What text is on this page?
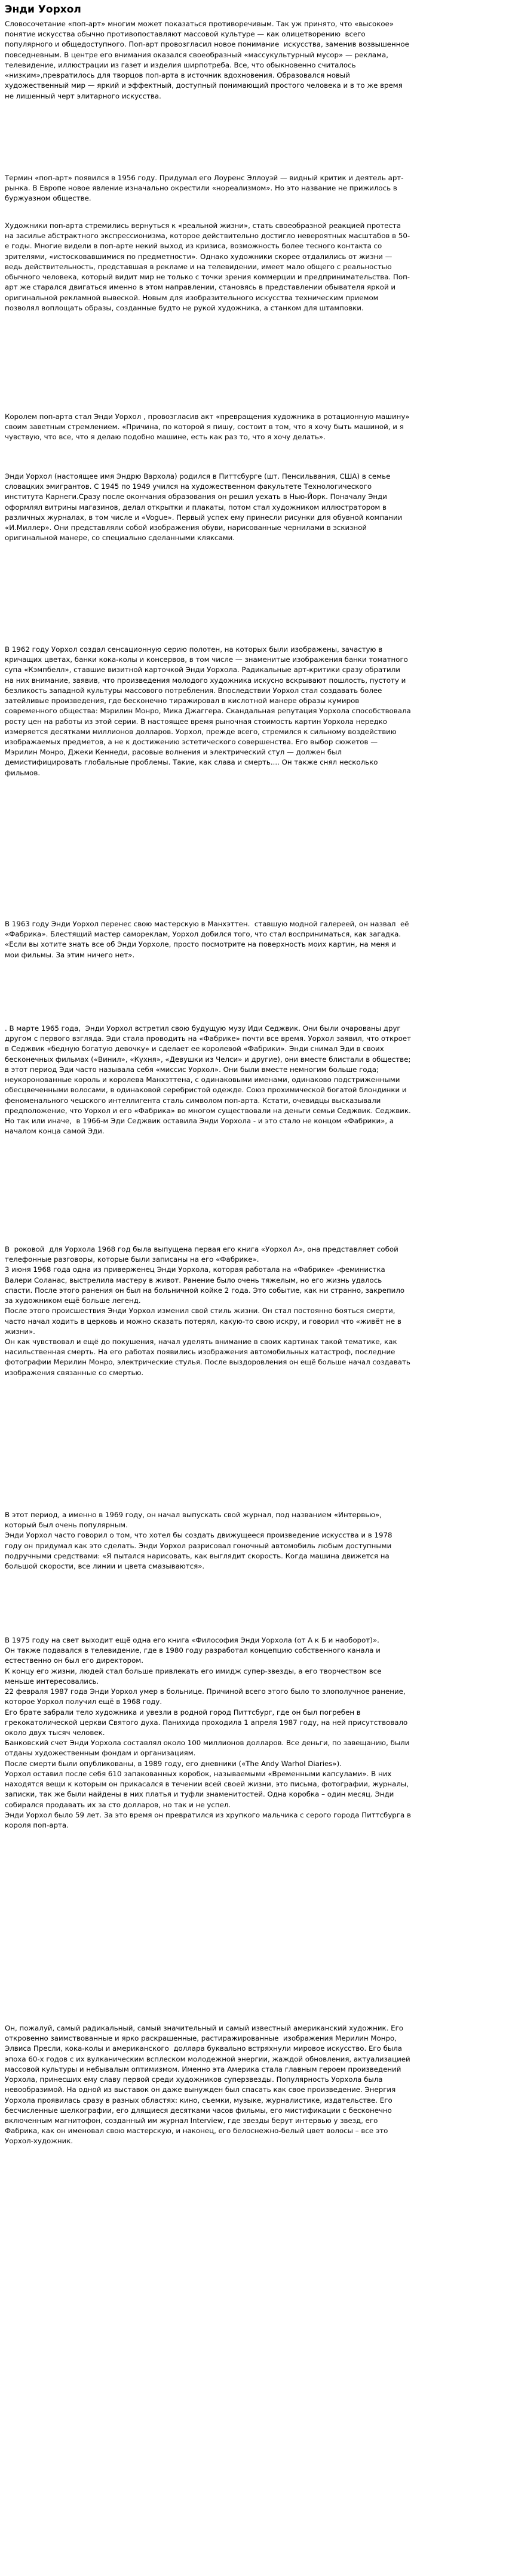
Энди Уорхол

Словосочетание «поп-арт» многим может показаться противоречивым. Так уж принято, что «высокое»  понятие искусства обычно противопоставляют массовой культуре — как олицетворению  всего популярного и общедоступного. Поп-арт провозгласил новое понимание  искусства, заменив возвышенное повседневным. В центре его внимания оказался своеобразный «массукультурный мусор» — реклама, телевидение, иллюстрации из газет и изделия ширпотреба. Все, что обыкновенно считалось «низким»,превратилось для творцов поп-арта в источник вдохновения. Образовался новый художественный мир — яркий и эффектный, доступный понимающий простого человека и в то же время не лишенный черт элитарного искусства.

Термин «поп-арт» появился в 1956 году. Придумал его Лоуренс Эллоуэй — видный критик и деятель арт-рынка. В Европе новое явление изначально окрестили «нореализмом». Но это название не прижилось в буржуазном обществе.

Художники поп-арта стремились вернуться к «реальной жизни», стать своеобразной реакцией протеста на засилье абстрактного экспрессионизма, которое действительно достигло невероятных масштабов в 50-е годы. Многие видели в поп-арте некий выход из кризиса, возможность более тесного контакта со зрителями, «истосковавшимися по предметности». Однако художники скорее отдалились от жизни — ведь действительность, представшая в рекламе и на телевидении, имеет мало общего с реальностью обычного человека, который видит мир не только с точки зрения коммерции и предпринимательства. Поп-арт же старался двигаться именно в этом направлении, становясь в представлении обывателя яркой и оригинальной рекламной вывеской. Новым для изобразительного искусства техническим приемом позволял воплощать образы, созданные будто не рукой художника, а станком для штамповки.

Королем поп-арта стал Энди Уорхол , провозгласив акт «превращения художника в ротационную машину» своим заветным стремлением. «Причина, по которой я пишу, состоит в том, что я хочу быть машиной, и я чувствую, что все, что я делаю подобно машине, есть как раз то, что я хочу делать».

Энди Уорхол (настоящее имя Эндрю Вархола) родился в Питтсбурге (шт. Пенсильвания, США) в семье словацких эмигрантов. С 1945 по 1949 учился на художественном факультете Технологического института Карнеги.Сразу после окончания образования он решил уехать в Нью-Йорк. Поначалу Энди оформлял витрины магазинов, делал открытки и плакаты, потом стал художником иллюстратором в различных журналах, в том числе и «Vogue». Первый успех ему принесли рисунки для обувной компании «И.Миллер». Они представляли собой изображения обуви, нарисованные чернилами в эскизной оригинальной манере, со специально сделанными кляксами.

В 1962 году Уорхол создал сенсационную серию полотен, на которых были изображены, зачастую в кричащих цветах, банки кока-колы и консервов, в том числе — знаменитые изображения банки томатного супа «Кэмпбелл», ставшие визитной карточкой Энди Уорхола. Радикальные арт-критики сразу обратили на них внимание, заявив, что произведения молодого художника искусно вскрывают пошлость, пустоту и безликость западной культуры массового потребления. Впоследствии Уорхол стал создавать более затейливые произведения, где бесконечно тиражировал в кислотной манере образы кумиров современного общества: Мэрилин Монро, Мика Джаггера. Скандальная репутация Уорхола способствовала росту цен на работы из этой серии. В настоящее время рыночная стоимость картин Уорхола нередко измеряется десятками миллионов долларов. Уорхол, прежде всего, стремился к сильному воздействию изображаемых предметов, а не к достижению эстетического совершенства. Его выбор сюжетов — Мэрилин Монро, Джеки Кеннеди, расовые волнения и электрический стул — должен был демистифицировать глобальные проблемы. Такие, как слава и смерть.... Он также снял несколько фильмов.

В 1963 году Энди Уорхол перенес свою мастерскую в Манхэттен.  ставшую модной галереей, он назвал  её  «Фабрика». Блестящий мастер самореклам, Уорхол добился того, что стал восприниматься, как загадка. «Если вы хотите знать все об Энди Уорхоле, просто посмотрите на поверхность моих картин, на меня и мои фильмы. За этим ничего нет».

. В марте 1965 года,  Энди Уорхол встретил свою будущую музу Иди Седжвик. Они были очарованы друг другом с первого взгляда. Эди стала проводить на «Фабрике» почти все время. Уорхол заявил, что откроет в Седжвик «бедную богатую девочку» и сделает ее королевой «Фабрики». Энди снимал Эди в своих бесконечных фильмах («Винил», «Кухня», «Девушки из Челси» и другие), они вместе блистали в обществе; в этот период Эди часто называла себя «миссис Уорхол». Они были вместе немногим больше года; неукоронованные король и королева Манхэттена, с одинаковыми именами, одинаково подстриженными обесцвеченными волосами, в одинаковой серебристой одежде. Союз прохимической богатой блондинки и феноменального чешского интеллигента сталь символом поп-арта. Кстати, очевидцы высказывали предположение, что Уорхол и его «Фабрика» во многом существовали на деньги семьи Седжвик. Седжвик.  Но так или иначе,  в 1966-м Эди Седжвик оставила Энди Уорхола - и это стало не концом «Фабрики», а началом конца самой Эди.

В  роковой  для Уорхола 1968 год была выпущена первая его книга «Уорхол А», она представляет собой телефонные разговоры, которые были записаны на его «Фабрике».
3 июня 1968 года одна из приверженец Энди Уорхола, которая работала на «Фабрике» -феминистка Валери Соланас, выстрелила мастеру в живот. Ранение было очень тяжелым, но его жизнь удалось спасти. После этого ранения он был на больничной койке 2 года. Это событие, как ни странно, закрепило за художником ещё больше легенд.
После этого происшествия Энди Уорхол изменил свой стиль жизни. Он стал постоянно бояться смерти, часто начал ходить в церковь и можно сказать потерял, какую-то свою искру, и говорил что «живёт не в жизни».
Он как чувствовал и ещё до покушения, начал уделять внимание в своих картинах такой тематике, как насильственная смерть. На его работах появились изображения автомобильных катастроф, последние фотографии Мерилин Монро, электрические стулья. После выздоровления он ещё больше начал создавать изображения связанные со смертью.

В этот период, а именно в 1969 году, он начал выпускать свой журнал, под названием «Интервью», который был очень популярным.
Энди Уорхол часто говорил о том, что хотел бы создать движущееся произведение искусства и в 1978 году он придумал как это сделать. Энди Уорхол разрисовал гоночный автомобиль любым доступными подручными средствами: «Я пытался нарисовать, как выглядит скорость. Когда машина движется на большой скорости, все линии и цвета смазываются».

В 1975 году на свет выходит ещё одна его книга «Философия Энди Уорхола (от А к Б и наоборот)».
Он также подавался в телевидение, где в 1980 году разработал концепцию собственного канала и естественно он был его директором.
К концу его жизни, людей стал больше привлекать его имидж супер-звезды, а его творчеством все меньше интересовались.
22 февраля 1987 года Энди Уорхол умер в больнице. Причиной всего этого было то злополучное ранение, которое Уорхол получил ещё в 1968 году.
Его брате забрали тело художника и увезли в родной город Питтсбург, где он был погребен в грекокатолической церкви Святого духа. Панихида проходила 1 апреля 1987 году, на ней присутствовало около двух тысяч человек.
Банковский счет Энди Уорхола составлял около 100 миллионов долларов. Все деньги, по завещанию, были отданы художественным фондам и организациям.
После смерти были опубликованы, в 1989 году, его дневники («The Andy Warhol Diaries»).
Уорхол оставил после себя 610 запакованных коробок, называемыми «Временными капсулами». В них находятся вещи к которым он прикасался в течении всей своей жизни, это письма, фотографии, журналы, записки, так же были найдены в них платья и туфли знаменитостей. Одна коробка – один месяц. Энди собирался продавать их за сто долларов, но так и не успел.
Энди Уорхол было 59 лет. За это время он превратился из хрупкого мальчика с серого города Питтсбурга в короля поп-арта.

Он, пожалуй, самый радикальный, самый значительный и самый известный американский художник. Его откровенно заимствованные и ярко раскрашенные, растиражированные  изображения Мерилин Монро, Элвиса Пресли, кока-колы и американского  доллара буквально встряхнули мировое искусство. Его была эпоха 60-х годов с их вулканическим всплеском молодежной энергии, жаждой обновления, актуализацией массовой культуры и небывалым оптимизмом. Именно эта Америка стала главным героем произведений Уорхола, принесших ему славу первой среди художников суперзвезды. Популярность Уорхола была невообразимой. На одной из выставок он даже вынужден был спасать как свое произведение. Энергия Уорхола проявилась сразу в разных областях: кино, съемки, музыке, журналистике, издательстве. Его бесчисленные шелкографии, его длящиеся десятками часов фильмы, его мистификации с бесконечно включенным магнитофон, созданный им журнал Interview, где звезды берут интервью у звезд, его Фабрика, как он именовал свою мастерскую, и наконец, его белоснежно-белый цвет волосы – все это Уорхол-художник.
